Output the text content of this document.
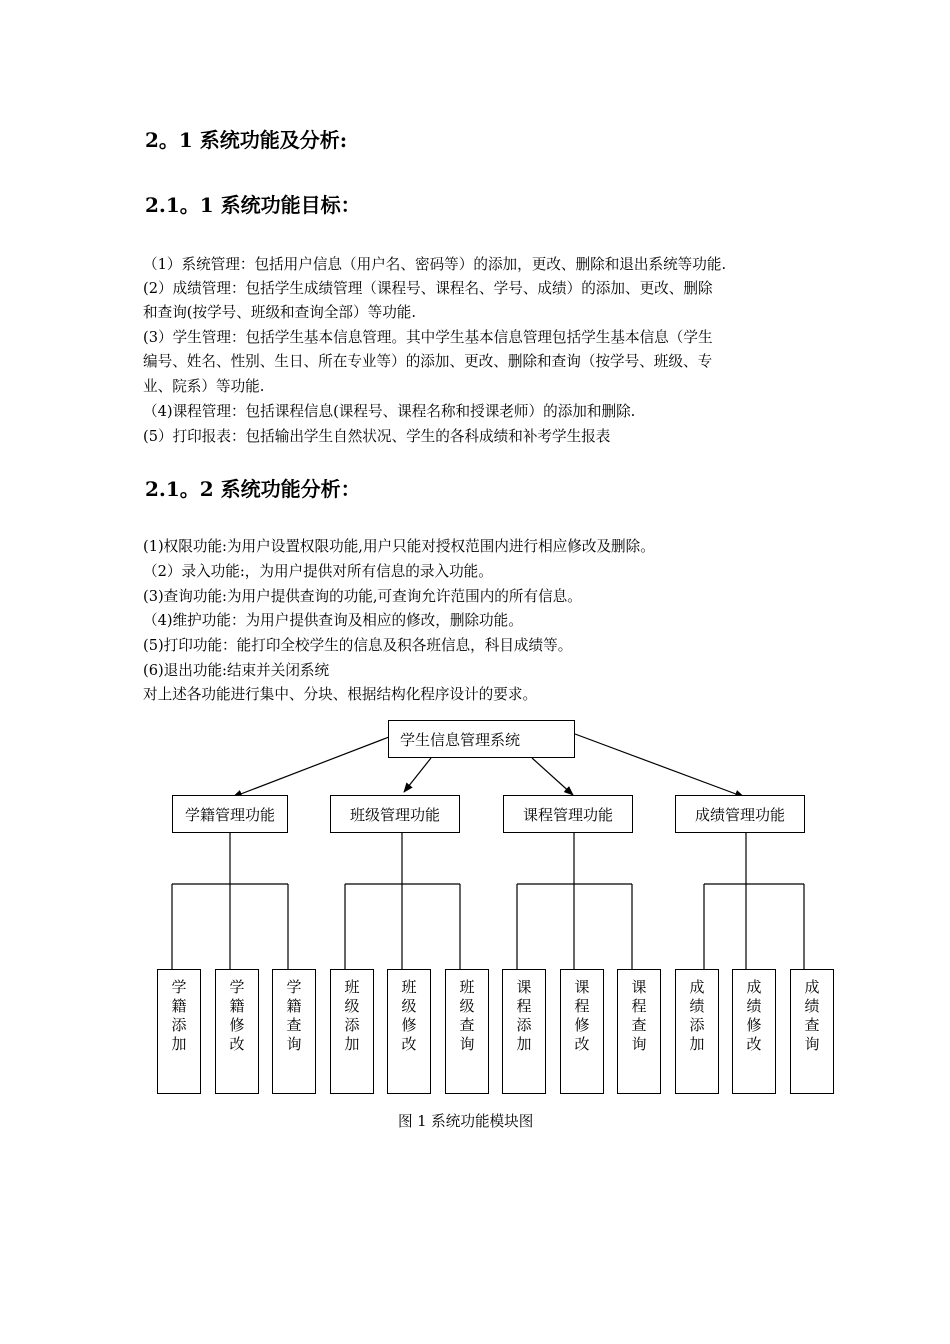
2。1 系统功能及分析:
2.1。1 系统功能目标：
（1）系统管理：包括用户信息（用户名、密码等）的添加，更改、删除和退出系统等功能.
(2）成绩管理：包括学生成绩管理（课程号、课程名、学号、成绩）的添加、更改、删除
和查询(按学号、班级和查询全部）等功能.
(3）学生管理：包括学生基本信息管理。其中学生基本信息管理包括学生基本信息（学生
编号、姓名、性别、生日、所在专业等）的添加、更改、删除和查询（按学号、班级、专
业、院系）等功能.
（4)课程管理：包括课程信息(课程号、课程名称和授课老师）的添加和删除.
(5）打印报表：包括输出学生自然状况、学生的各科成绩和补考学生报表
2.1。2 系统功能分析：
(1)权限功能:为用户设置权限功能,用户只能对授权范围内进行相应修改及删除。
（2）录入功能:，为用户提供对所有信息的录入功能。
(3)查询功能:为用户提供查询的功能,可查询允许范围内的所有信息。
（4)维护功能：为用户提供查询及相应的修改，删除功能。
(5)打印功能：能打印全校学生的信息及积各班信息，科目成绩等。
(6)退出功能:结束并关闭系统
对上述各功能进行集中、分块、根据结构化程序设计的要求。
学生信息管理系统
学籍管理功能	班级管理功能	课程管理功能	成绩管理功能
学
籍
添
加
学
籍
修
改
学
籍
查
询
班
级
添
加
班
级
修
改
班
级
查
询
课
程
添
加
课
程
修
改
课
程
查
询
成
绩
添
加
成
绩
修
改
成
绩
查
询
图 1 系统功能模块图
